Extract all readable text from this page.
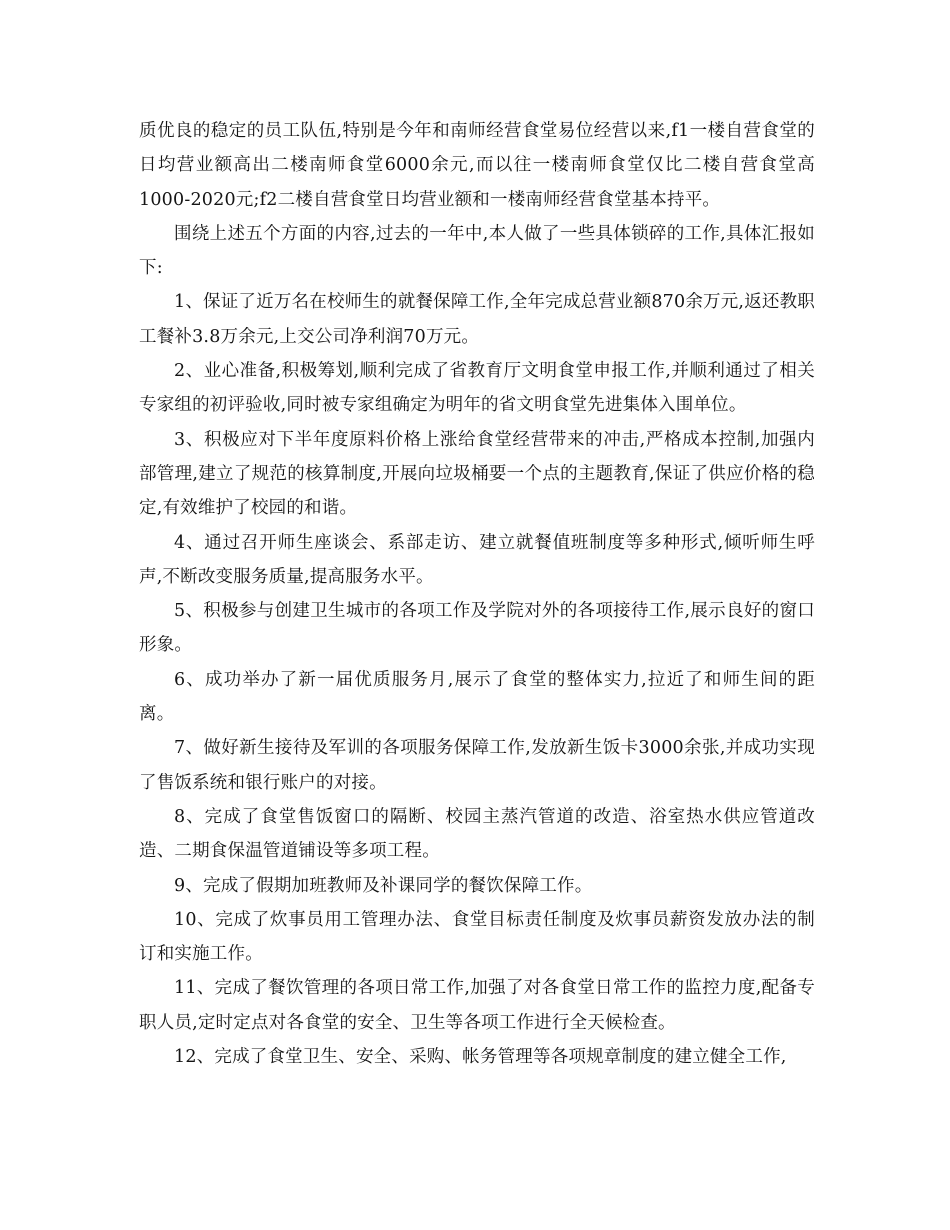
质优良的稳定的员工队伍,特别是今年和南师经营食堂易位经营以来,f1一楼自营食堂的日均营业额高出二楼南师食堂6000余元,而以往一楼南师食堂仅比二楼自营食堂高1000-2020元;f2二楼自营食堂日均营业额和一楼南师经营食堂基本持平。

围绕上述五个方面的内容,过去的一年中,本人做了一些具体锁碎的工作,具体汇报如下:

1、保证了近万名在校师生的就餐保障工作,全年完成总营业额870余万元,返还教职工餐补3.8万余元,上交公司净利润70万元。

2、业心准备,积极筹划,顺利完成了省教育厅文明食堂申报工作,并顺利通过了相关专家组的初评验收,同时被专家组确定为明年的省文明食堂先进集体入围单位。

3、积极应对下半年度原料价格上涨给食堂经营带来的冲击,严格成本控制,加强内部管理,建立了规范的核算制度,开展向垃圾桶要一个点的主题教育,保证了供应价格的稳定,有效维护了校园的和谐。

4、通过召开师生座谈会、系部走访、建立就餐值班制度等多种形式,倾听师生呼声,不断改变服务质量,提高服务水平。

5、积极参与创建卫生城市的各项工作及学院对外的各项接待工作,展示良好的窗口形象。

6、成功举办了新一届优质服务月,展示了食堂的整体实力,拉近了和师生间的距离。

7、做好新生接待及军训的各项服务保障工作,发放新生饭卡3000余张,并成功实现了售饭系统和银行账户的对接。

8、完成了食堂售饭窗口的隔断、校园主蒸汽管道的改造、浴室热水供应管道改造、二期食保温管道铺设等多项工程。

9、完成了假期加班教师及补课同学的餐饮保障工作。

10、完成了炊事员用工管理办法、食堂目标责任制度及炊事员薪资发放办法的制订和实施工作。

11、完成了餐饮管理的各项日常工作,加强了对各食堂日常工作的监控力度,配备专职人员,定时定点对各食堂的安全、卫生等各项工作进行全天候检查。

12、完成了食堂卫生、安全、采购、帐务管理等各项规章制度的建立健全工作,
